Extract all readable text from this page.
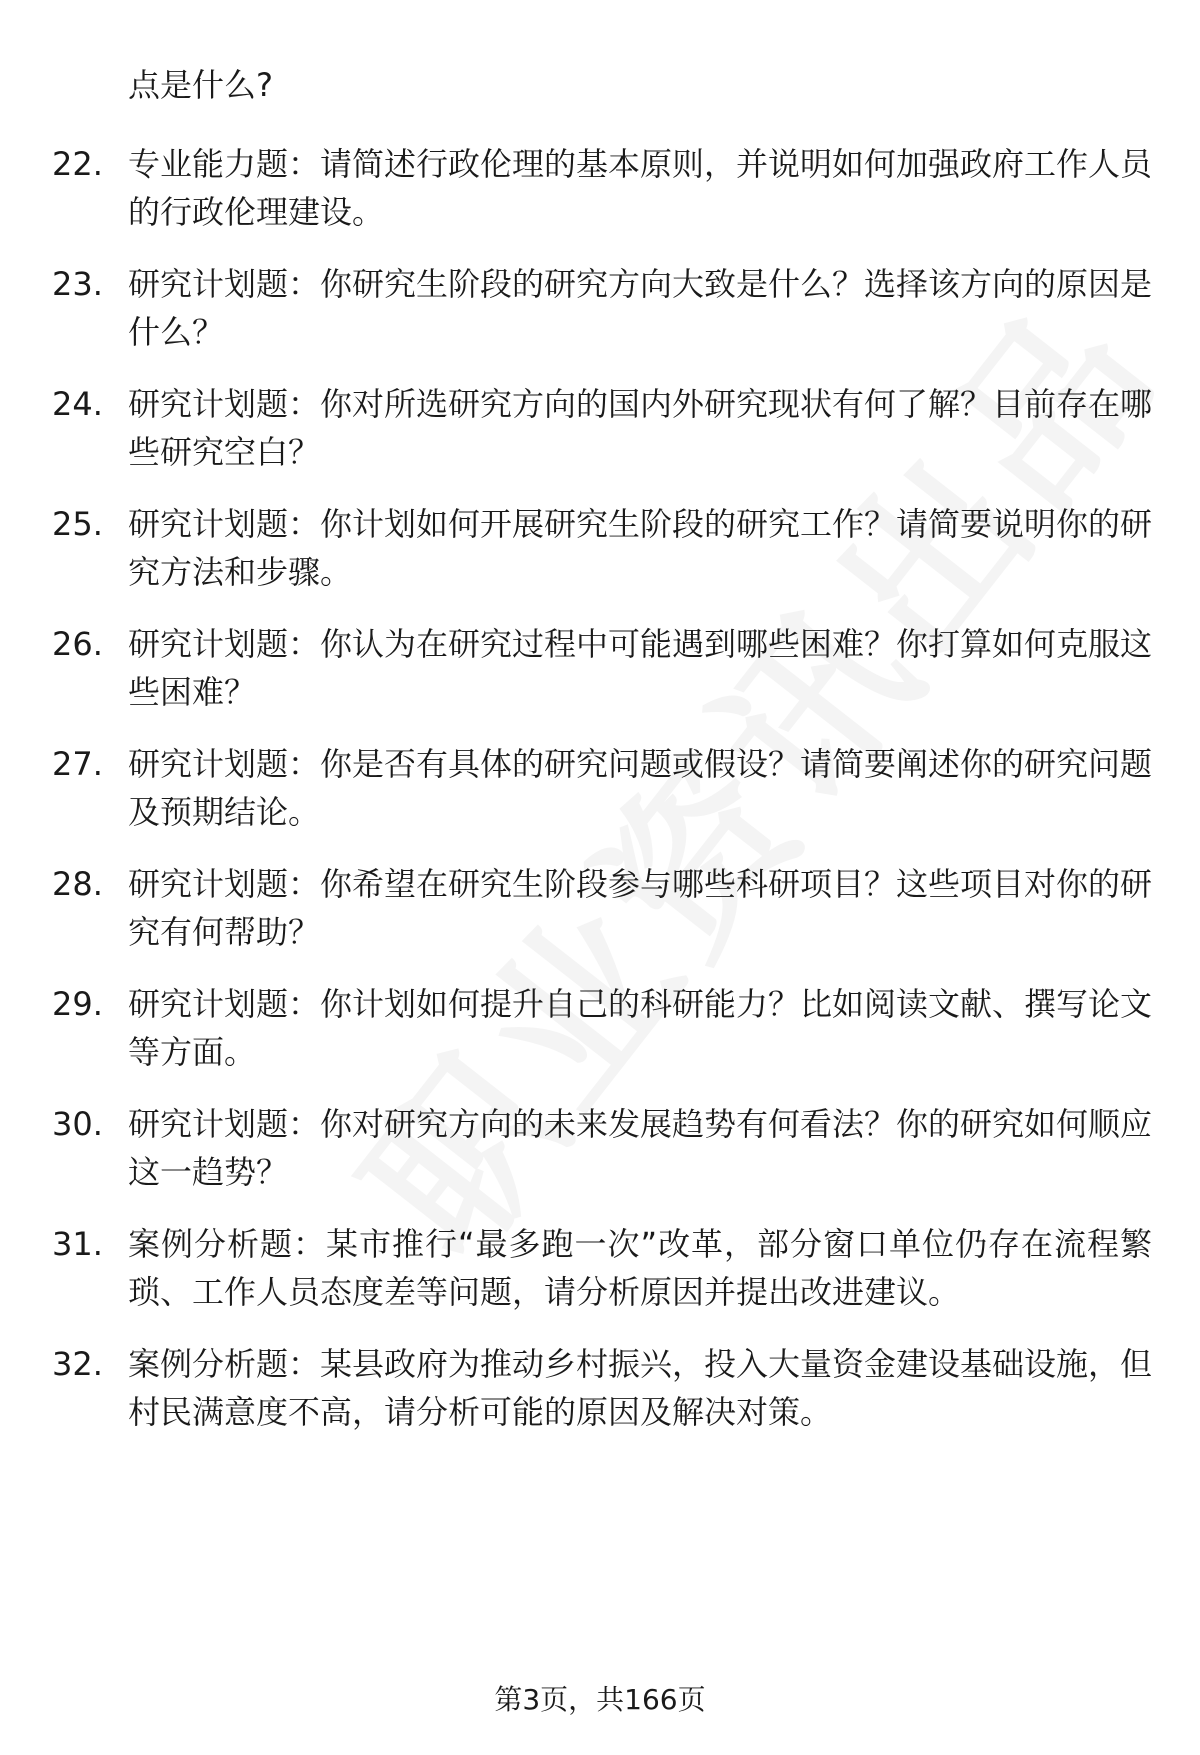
点是什么?
22. 专业能力题：请简述行政伦理的基本原则，并说明如何加强政府工作人员的行政伦理建设。
23. 研究计划题：你研究生阶段的研究方向大致是什么？选择该方向的原因是什么？
24. 研究计划题：你对所选研究方向的国内外研究现状有何了解？目前存在哪些研究空白？
25. 研究计划题：你计划如何开展研究生阶段的研究工作？请简要说明你的研究方法和步骤。
26. 研究计划题：你认为在研究过程中可能遇到哪些困难？你打算如何克服这些困难？
27. 研究计划题：你是否有具体的研究问题或假设？请简要阐述你的研究问题及预期结论。
28. 研究计划题：你希望在研究生阶段参与哪些科研项目？这些项目对你的研究有何帮助？
29. 研究计划题：你计划如何提升自己的科研能力？比如阅读文献、撰写论文等方面。
30. 研究计划题：你对研究方向的未来发展趋势有何看法？你的研究如何顺应这一趋势？
31. 案例分析题：某市推行“最多跑一次”改革，部分窗口单位仍存在流程繁琐、工作人员态度差等问题，请分析原因并提出改进建议。
32. 案例分析题：某县政府为推动乡村振兴，投入大量资金建设基础设施，但村民满意度不高，请分析可能的原因及解决对策。
第3页，共166页
